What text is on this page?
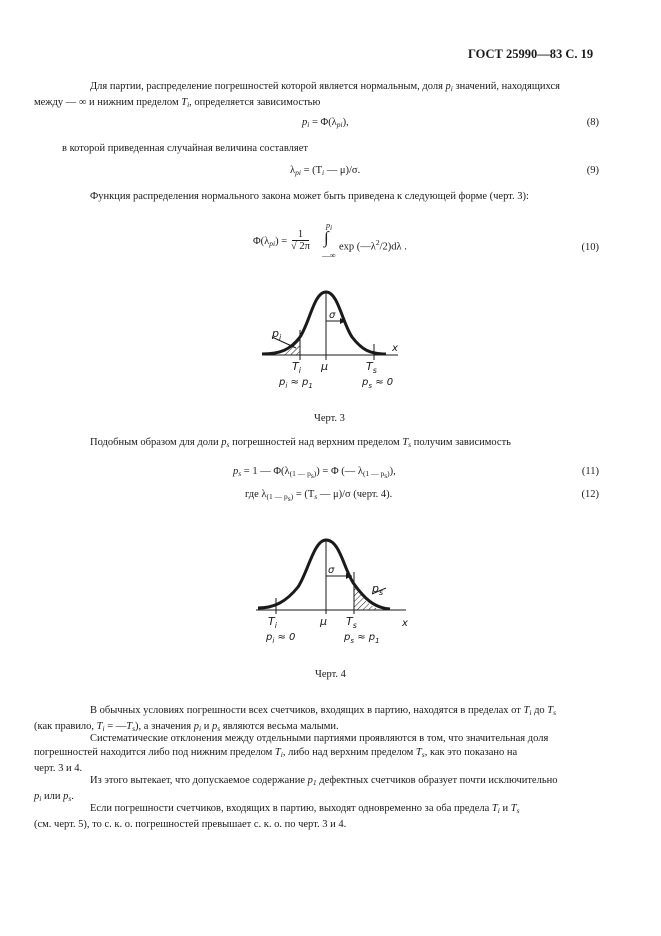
ГОСТ 25990—83 С. 19
Для партии, распределение погрешностей которой является нормальным, доля $p_i$ значений, находящихся
между — ∞ и нижним пределом $T_i$, определяется зависимостью
$p_i = \Phi(\lambda_{pi})$,	(8)
в которой приведенная случайная величина составляет
$\lambda_{pi} = (T_i$ — μ)/σ.	(9)
Функция распределения нормального закона может быть приведена к следующей форме (черт. 3):
$\Phi(\lambda_{pi}) = \frac{1}{√ 2\pi}$
$p_i$
∫
—∞
$\exp (—\lambda^2/2)d\lambda$ .	(10)
$p_i$
σ
x
$T_i$ μ	$T_s$
$p_i \approx p_1$	$p_s \approx 0$
Черт. 3
Подобным образом для доли $p_s$ погрешностей над верхним пределом $T_s$ получим зависимость
$p_s = 1$ — $\Phi(\lambda_{(1 — p_s)}) = \Phi$ (— $\lambda_{(1 — p_s)}$),	(11)
где $\lambda_{(1 — p_s)} = (T_s$ — μ)/σ (черт. 4).	(12)
$p_s$
σ
x
$T_i$	μ $T_s$
$p_i \approx 0$	$p_s \approx p_1$
Черт. 4
В обычных условиях погрешности всех счетчиков, входящих в партию, находятся в пределах от $T_i$ до $T_s$
(как правило, $T_i$ = $—T_s$), а значения $p_i$ и $p_s$ являются весьма малыми.
Систематические отклонения между отдельными партиями проявляются в том, что значительная доля
погрешностей находится либо под нижним пределом $T_i$, либо над верхним пределом $T_s$, как это показано на
черт. 3 и 4.
Из этого вытекает, что допускаемое содержание $p_1$ дефектных счетчиков образует почти исключительно
$p_i$ или $p_s$.
Если погрешности счетчиков, входящих в партию, выходят одновременно за оба предела $T_i$ и $T_s$
(см. черт. 5), то с. к. о. погрешностей превышает с. к. о. по черт. 3 и 4.
